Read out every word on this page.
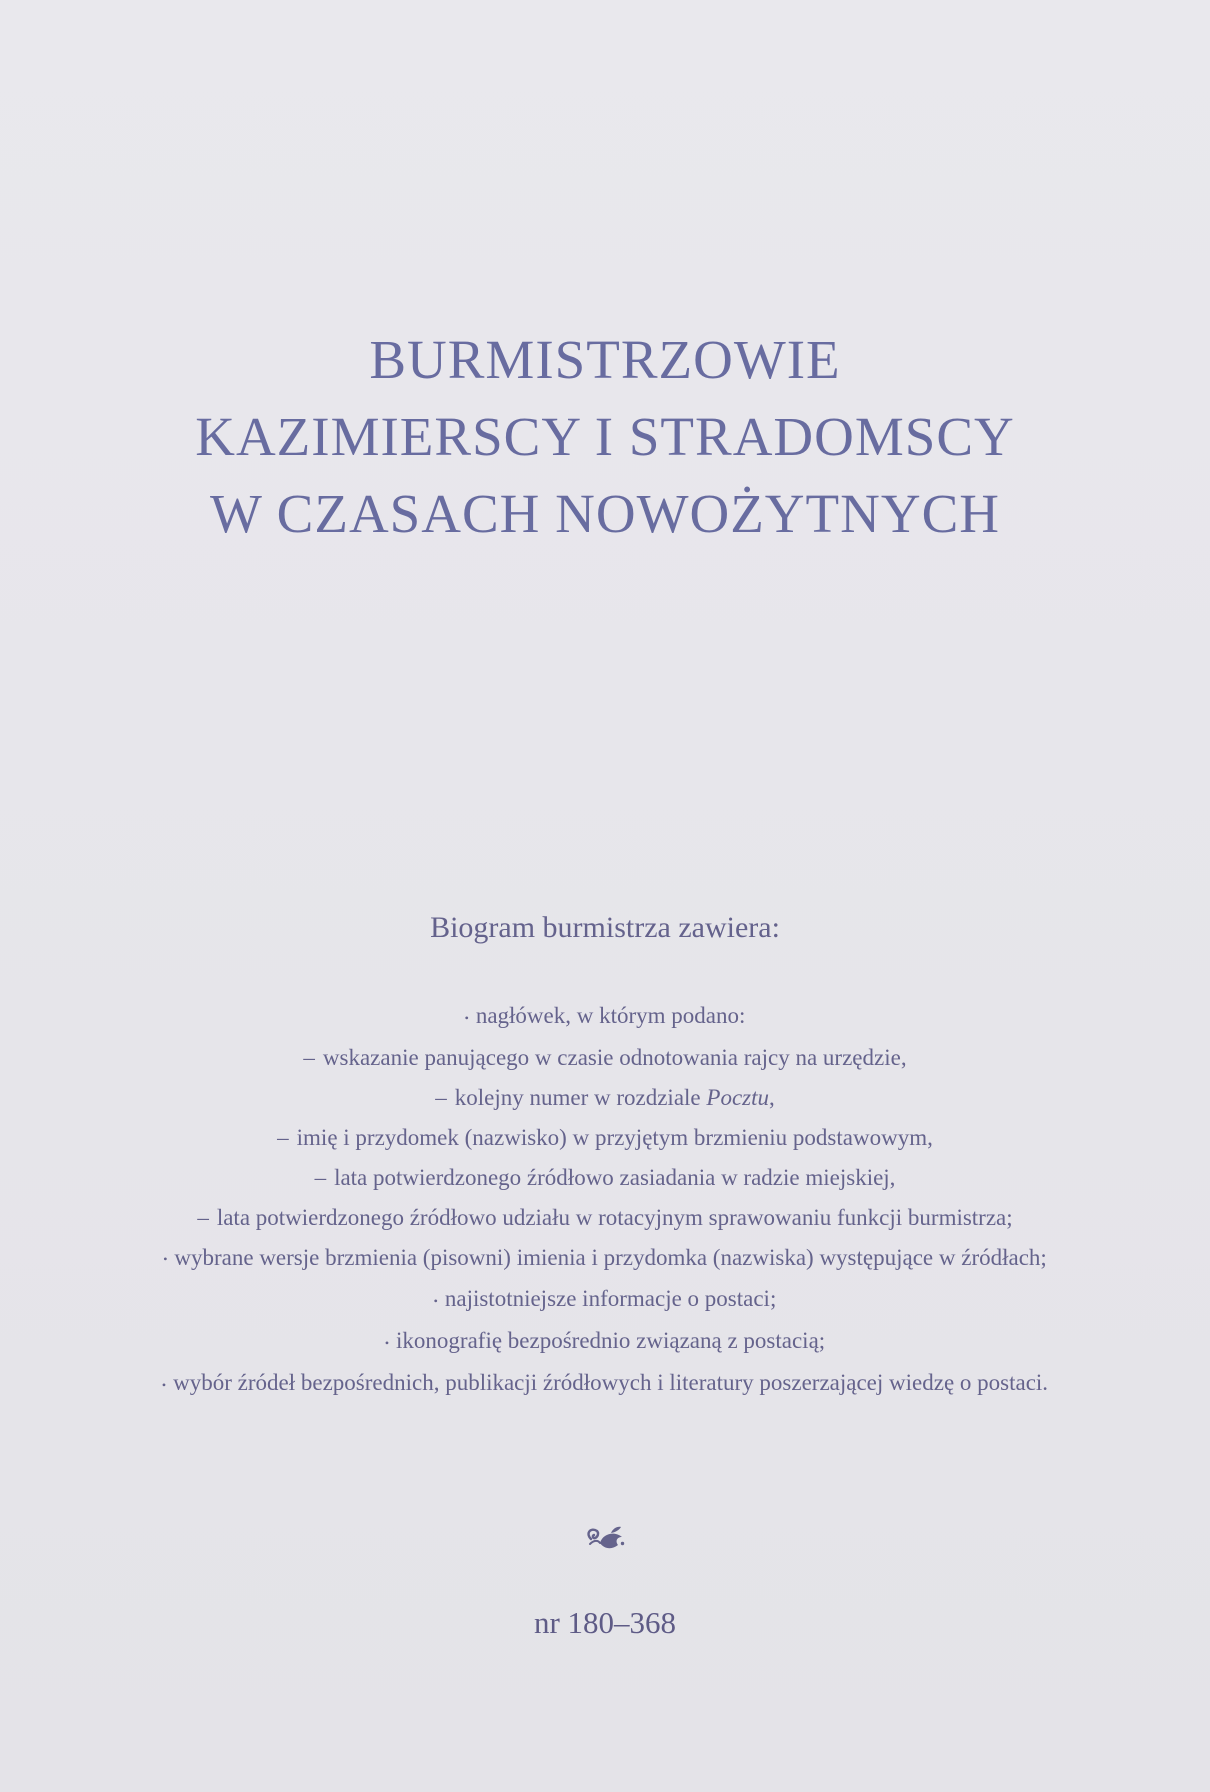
BURMISTRZOWIE
KAZIMIERSCY I STRADOMSCY
W CZASACH NOWOŻYTNYCH

Biogram burmistrza zawiera:

• nagłówek, w którym podano:
– wskazanie panującego w czasie odnotowania rajcy na urzędzie,
– kolejny numer w rozdziale Pocztu,
– imię i przydomek (nazwisko) w przyjętym brzmieniu podstawowym,
– lata potwierdzonego źródłowo zasiadania w radzie miejskiej,
– lata potwierdzonego źródłowo udziału w rotacyjnym sprawowaniu funkcji burmistrza;
• wybrane wersje brzmienia (pisowni) imienia i przydomka (nazwiska) występujące w źródłach;
• najistotniejsze informacje o postaci;
• ikonografię bezpośrednio związaną z postacią;
• wybór źródeł bezpośrednich, publikacji źródłowych i literatury poszerzającej wiedzę o postaci.
nr 180–368
